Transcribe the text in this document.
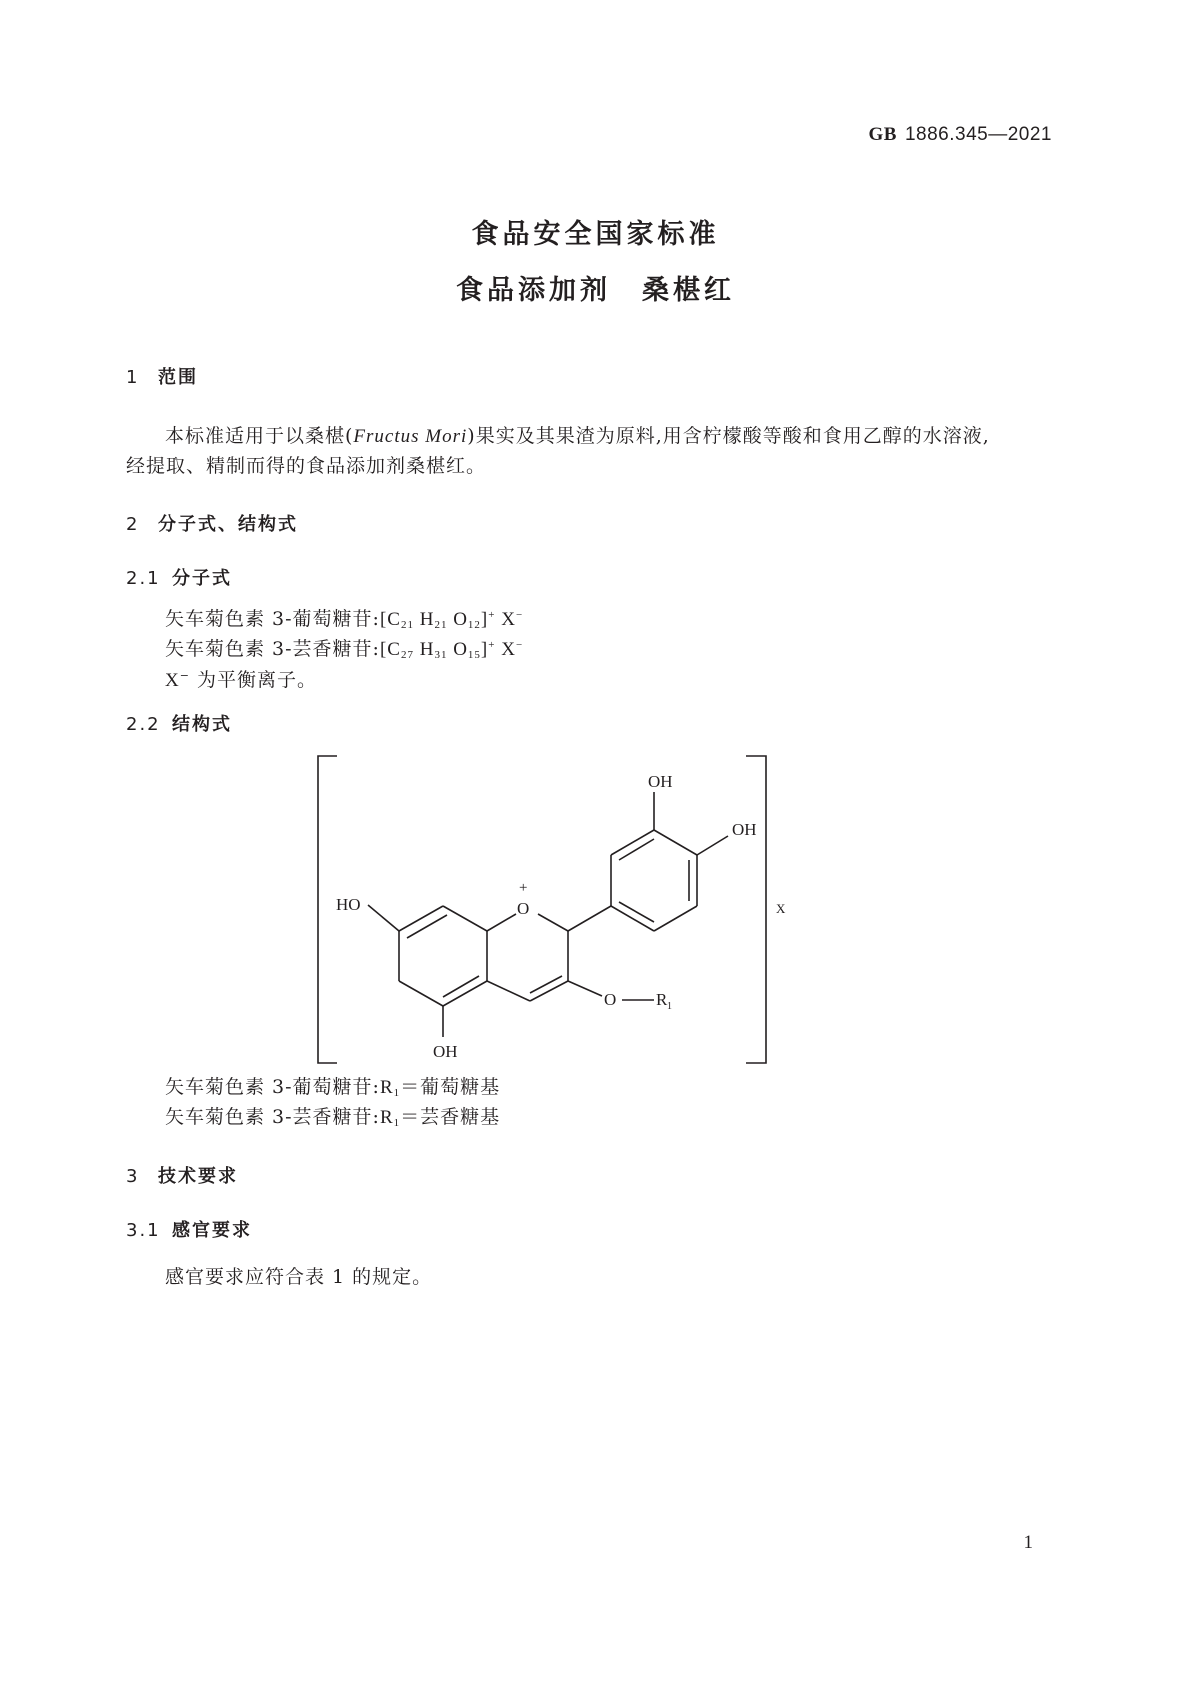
GB 1886.345—2021
食品安全国家标准
食品添加剂　桑椹红
1 范围
本标准适用于以桑椹(Fructus Mori)果实及其果渣为原料,用含柠檬酸等酸和食用乙醇的水溶液,
经提取、精制而得的食品添加剂桑椹红。
2 分子式、结构式
2.1 分子式
矢车菊色素 3-葡萄糖苷$:[C_{21}$ $H_{21}$ $O_{12}]^+$ X−
矢车菊色素 3-芸香糖苷$:[C_{27}$ $H_{31}$ $O_{15}]^+$ X−
X− 为平衡离子。
2.2 结构式
OH
OH
HO
+
O
O R 1
OH
X
矢车菊色素 3-葡萄糖苷$:R_1=$葡萄糖基
矢车菊色素 3-芸香糖苷$:R_1=$芸香糖基
3 技术要求
3.1 感官要求
感官要求应符合表 1 的规定。
1
